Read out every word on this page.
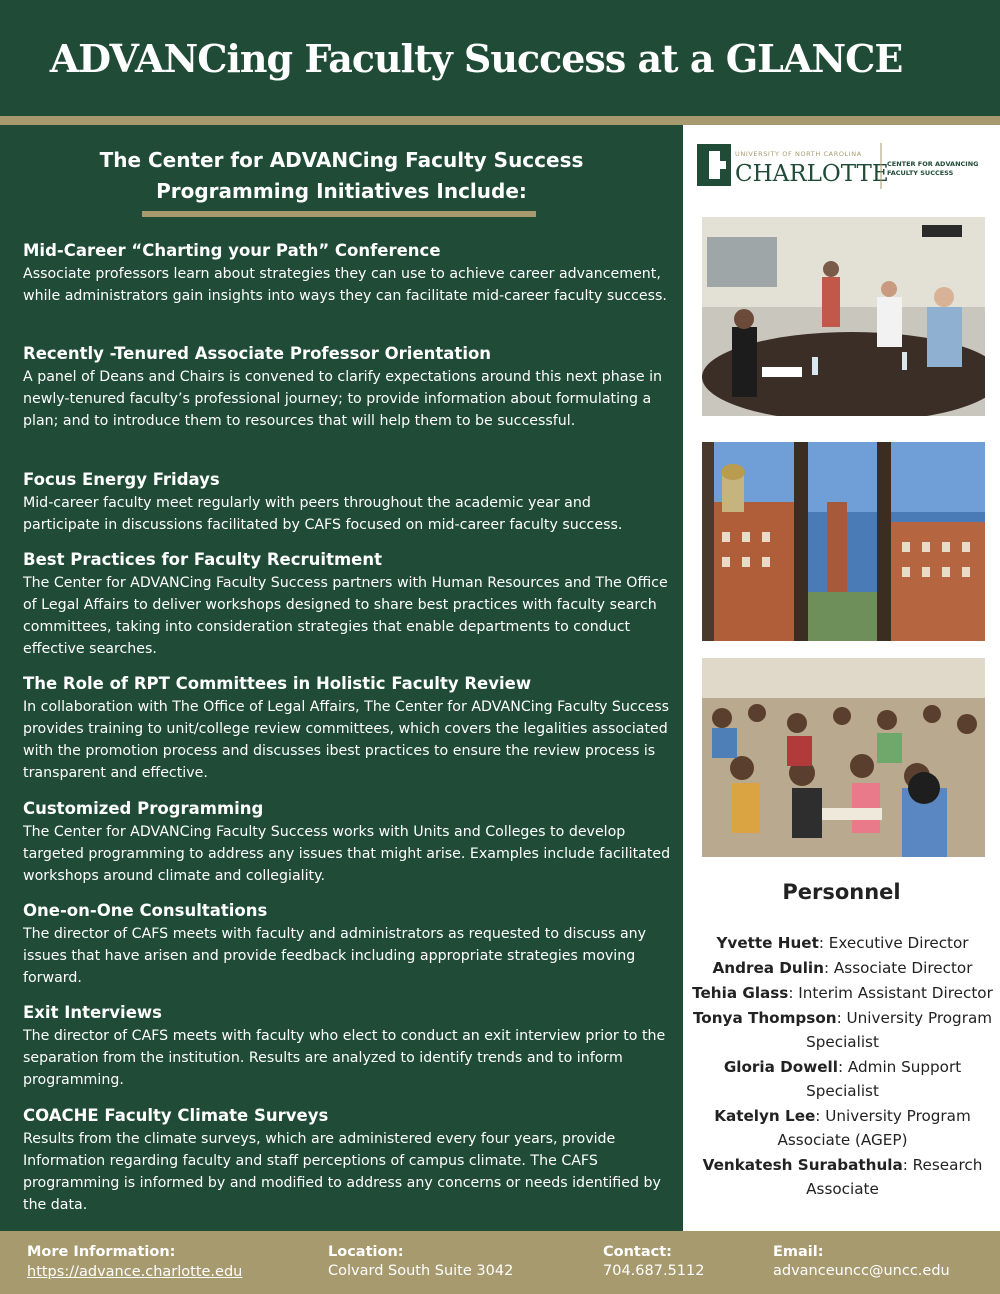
ADVANCing Faculty Success at a GLANCE
The Center for ADVANCing Faculty Success
Programming Initiatives Include:
Mid-Career “Charting your Path” Conference
Associate professors learn about strategies they can use to achieve career advancement, while administrators gain insights into ways they can facilitate mid-career faculty success.
Recently -Tenured Associate Professor Orientation
A panel of Deans and Chairs is convened to clarify expectations around this next phase in newly-tenured faculty’s professional journey; to provide information about formulating a plan; and to introduce them to resources that will help them to be successful.
Focus Energy Fridays
Mid-career faculty meet regularly with peers throughout the academic year and participate in discussions facilitated by CAFS focused on mid-career faculty success.
Best Practices for Faculty Recruitment
The Center for ADVANCing Faculty Success partners with Human Resources and The Office of Legal Affairs to deliver workshops designed to share best practices with faculty search committees, taking into consideration strategies that enable departments to conduct effective searches.
The Role of RPT Committees in Holistic Faculty Review
In collaboration with The Office of Legal Affairs, The Center for ADVANCing Faculty Success provides training to unit/college review committees, which covers the legalities associated with the promotion process and discusses ibest practices to ensure the review process is transparent and effective.
Customized Programming
The Center for ADVANCing Faculty Success works with Units and Colleges to develop targeted programming to address any issues that might arise. Examples include facilitated workshops around climate and collegiality.
One-on-One Consultations
The director of CAFS meets with faculty and administrators as requested to discuss any issues that have arisen and provide feedback including appropriate strategies moving forward.
Exit Interviews
The director of CAFS meets with faculty who elect to conduct an exit interview prior to the separation from the institution. Results are analyzed to identify trends and to inform programming.
COACHE Faculty Climate Surveys
Results from the climate surveys, which are administered every four years, provide Information regarding faculty and staff perceptions of campus climate. The CAFS programming is informed by and modified to address any concerns or needs identified by the data.
UNIVERSITY OF NORTH CAROLINA
CHARLOTTE
CENTER FOR ADVANCING
FACULTY SUCCESS
Personnel
Yvette Huet: Executive Director
Andrea Dulin: Associate Director
Tehia Glass: Interim Assistant Director
Tonya Thompson: University Program Specialist
Gloria Dowell: Admin Support Specialist
Katelyn Lee: University Program Associate (AGEP)
Venkatesh Surabathula: Research Associate
More Information:
https://advance.charlotte.edu
Location:
Colvard South Suite 3042
Contact:
704.687.5112
Email:
advanceuncc@uncc.edu
